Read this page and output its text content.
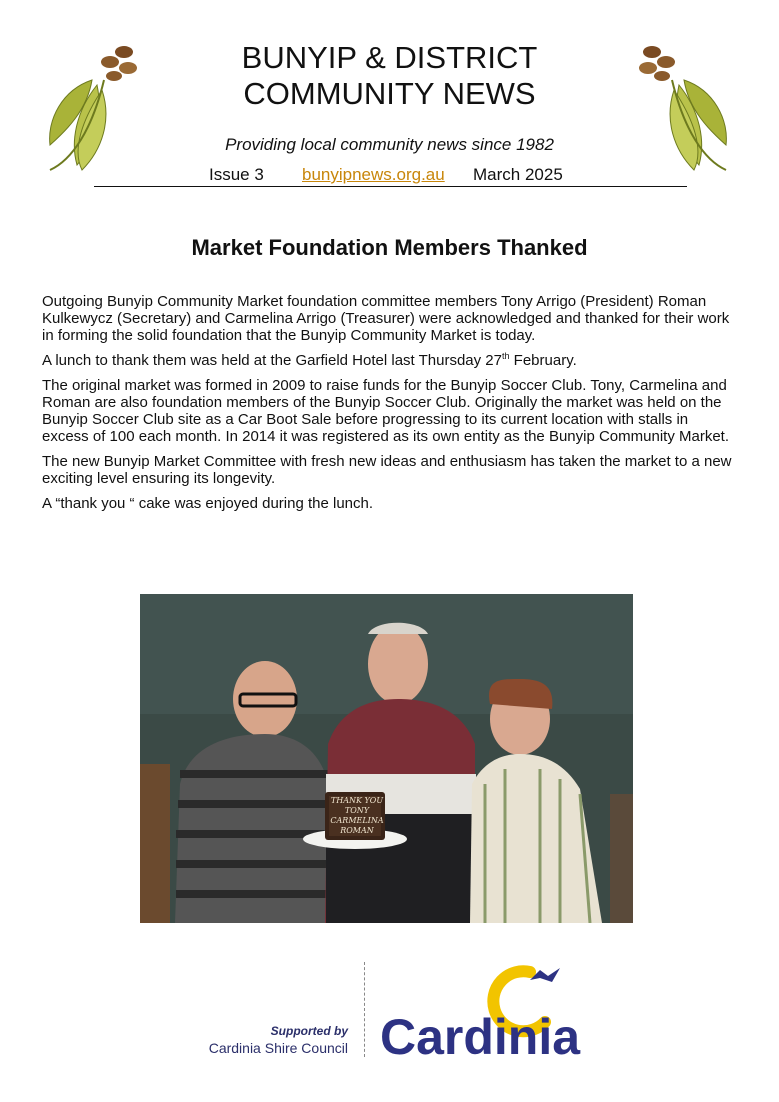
BUNYIP & DISTRICT
COMMUNITY NEWS
Providing local community news since 1982
Issue 3 bunyipnews.org.au March 2025
Market Foundation Members Thanked

Outgoing Bunyip Community Market foundation committee members Tony Arrigo (President) Roman Kulkewycz (Secretary) and Carmelina Arrigo (Treasurer) were acknowledged and thanked for their work in forming the solid foundation that the Bunyip Community Market is today.

A lunch to thank them was held at the Garfield Hotel last Thursday 27th February.

The original market was formed in 2009 to raise funds for the Bunyip Soccer Club. Tony, Carmelina and Roman are also foundation members of the Bunyip Soccer Club. Originally the market was held on the Bunyip Soccer Club site as a Car Boot Sale before progressing to its current location with stalls in excess of 100 each month. In 2014 it was registered as its own entity as the Bunyip Community Market.

The new Bunyip Market Committee with fresh new ideas and enthusiasm has taken the market to a new exciting level ensuring its longevity.

A “thank you “ cake was enjoyed during the lunch.

THANK YOU
TONY
CARMELINA
ROMAN
Supported by
Cardinia Shire Council Cardinia
